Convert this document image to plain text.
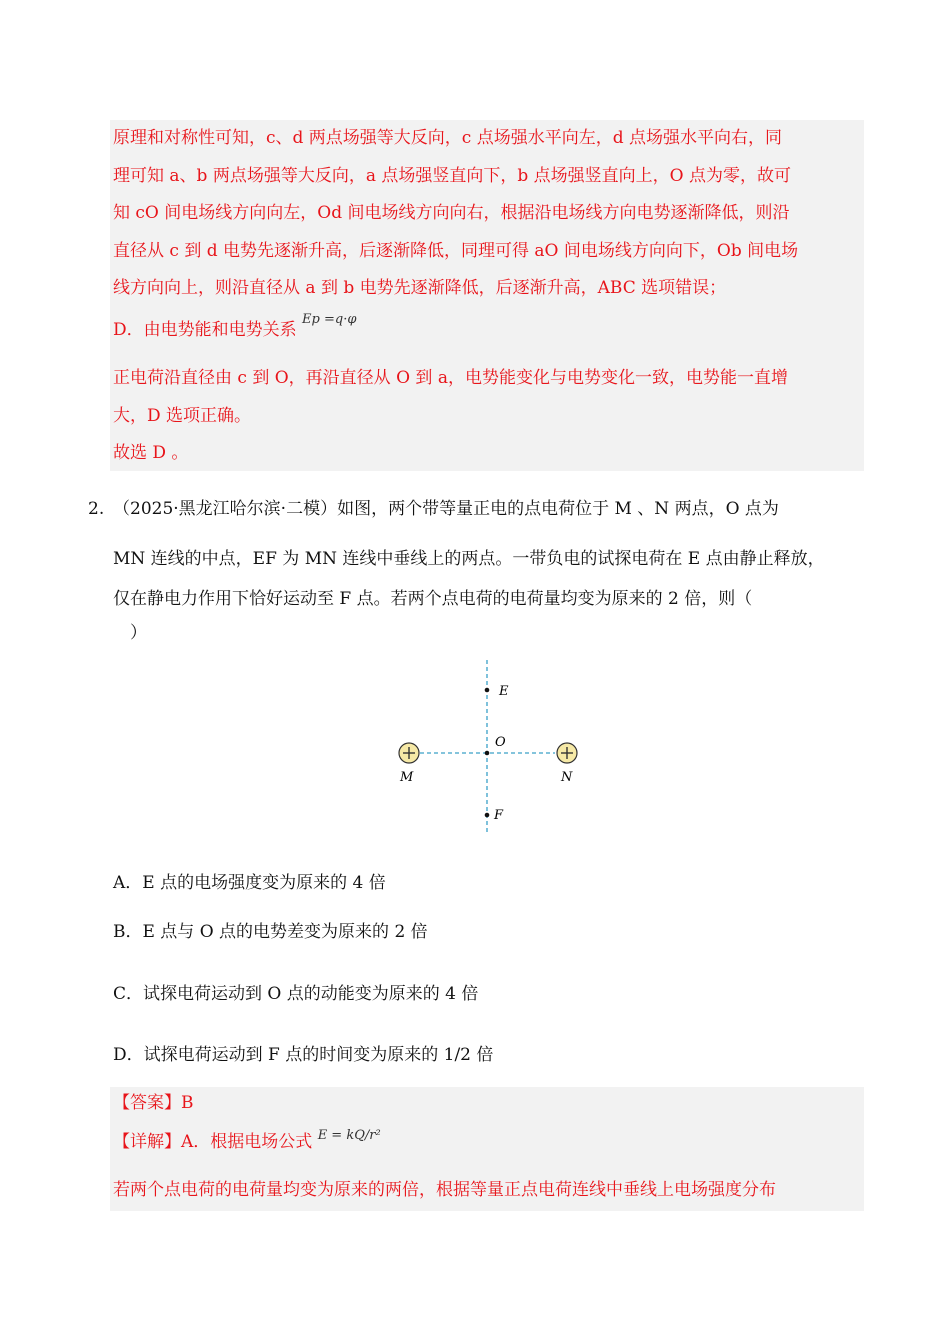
原理和对称性可知，c、d 两点场强等大反向，c 点场强水平向左，d 点场强水平向右，同

理可知 a、b 两点场强等大反向，a 点场强竖直向下，b 点场强竖直向上，O 点为零，故可

知 cO 间电场线方向向左，Od 间电场线方向向右，根据沿电场线方向电势逐渐降低，则沿

直径从 c 到 d 电势先逐渐升高，后逐渐降低，同理可得 aO 间电场线方向向下，Ob 间电场

线方向向上，则沿直径从 a 到 b 电势先逐渐降低，后逐渐升高，ABC 选项错误；

D．由电势能和电势关系 $^{Ep =q\cdot\varphi}$

正电荷沿直径由 c 到 O，再沿直径从 O 到 a，电势能变化与电势变化一致，电势能一直增

大，D 选项正确。

故选 D 。

2. （2025·黑龙江哈尔滨·二模）如图，两个带等量正电的点电荷位于 M 、N 两点，O 点为
MN 连线的中点，EF 为 MN 连线中垂线上的两点。一带负电的试探电荷在 E 点由静止释放，
仅在静电力作用下恰好运动至 F 点。若两个点电荷的电荷量均变为原来的 2 倍，则（
）
E
O
M	N
F
A．E 点的电场强度变为原来的 4 倍
B．E 点与 O 点的电势差变为原来的 2 倍
C．试探电荷运动到 O 点的动能变为原来的 4 倍
D．试探电荷运动到 F 点的时间变为原来的 1/2 倍

【答案】B

【详解】A．根据电场公式 $^{E = kQ/r^2}$

若两个点电荷的电荷量均变为原来的两倍，根据等量正点电荷连线中垂线上电场强度分布
